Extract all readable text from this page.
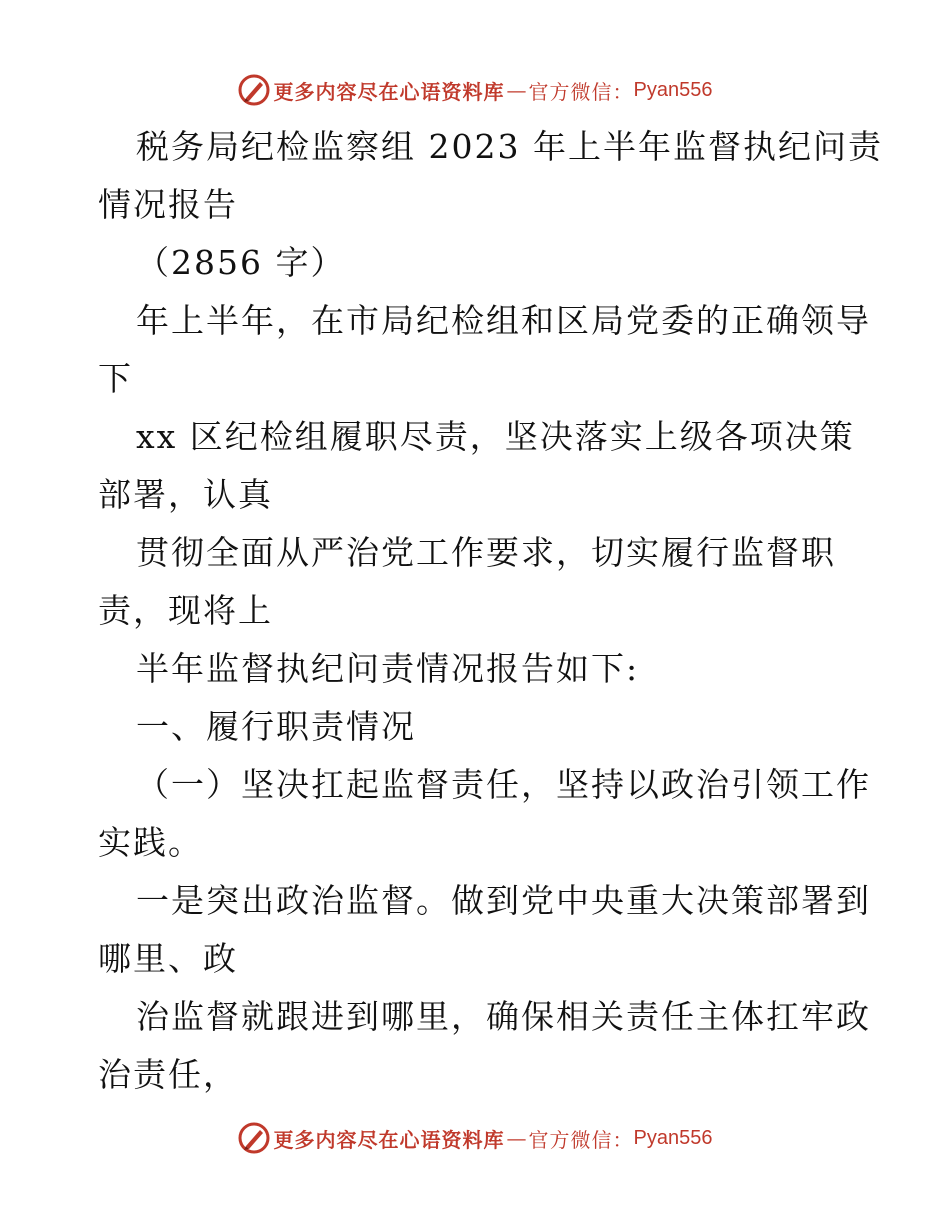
更多内容尽在心语资料库 — 官方微信： Pyan556
税务局纪检监察组 2023 年上半年监督执纪问责
情况报告
（2856 字）
年上半年，在市局纪检组和区局党委的正确领导
下
xx 区纪检组履职尽责，坚决落实上级各项决策
部署，认真
贯彻全面从严治党工作要求，切实履行监督职
责，现将上
半年监督执纪问责情况报告如下:
一、履行职责情况
（一）坚决扛起监督责任，坚持以政治引领工作
实践。
一是突出政治监督。做到党中央重大决策部署到
哪里、政
治监督就跟进到哪里，确保相关责任主体扛牢政
治责任，
更多内容尽在心语资料库 — 官方微信： Pyan556
